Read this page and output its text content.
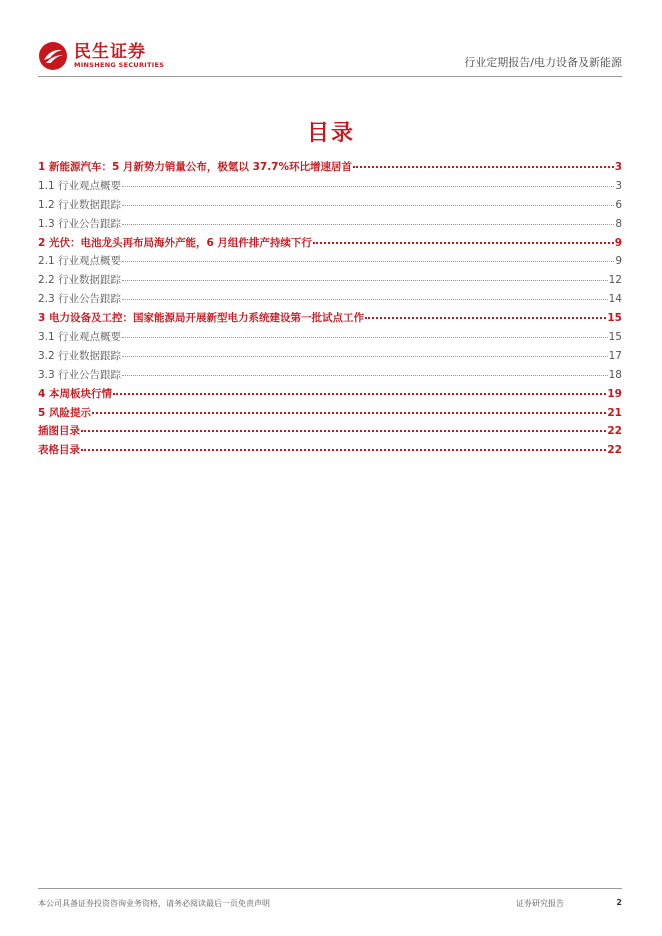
民生证券
MINSHENG SECURITIES	行业定期报告/电力设备及新能源
目录
1 新能源汽车：5 月新势力销量公布，极氪以 37.7%环比增速居首	3
1.1 行业观点概要	3
1.2 行业数据跟踪	6
1.3 行业公告跟踪	8
2 光伏：电池龙头再布局海外产能，6 月组件排产持续下行	9
2.1 行业观点概要	9
2.2 行业数据跟踪	12
2.3 行业公告跟踪	14
3 电力设备及工控：国家能源局开展新型电力系统建设第一批试点工作	15
3.1 行业观点概要	15
3.2 行业数据跟踪	17
3.3 行业公告跟踪	18
4 本周板块行情	19
5 风险提示	21
插图目录	22
表格目录	22
本公司具备证券投资咨询业务资格，请务必阅读最后一页免责声明	证券研究报告	2
